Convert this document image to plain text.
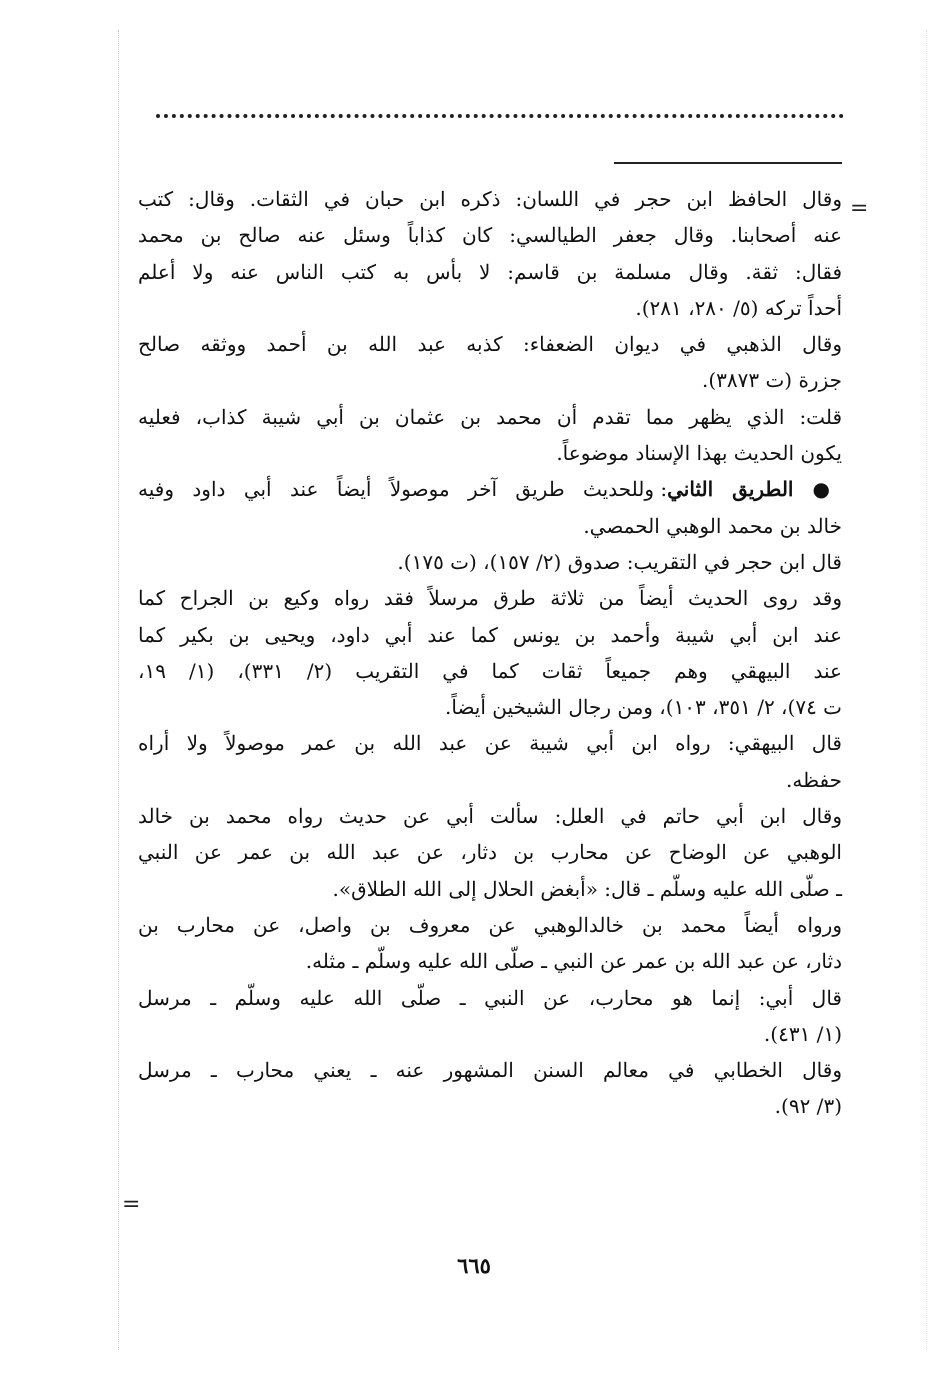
=
وقال الحافظ ابن حجر في اللسان: ذكره ابن حبان في الثقات. وقال: كتب
عنه أصحابنا. وقال جعفر الطيالسي: كان كذاباً وسئل عنه صالح بن محمد
فقال: ثقة. وقال مسلمة بن قاسم: لا بأس به كتب الناس عنه ولا أعلم
أحداً تركه (٥/ ٢٨٠، ٢٨١).
وقال الذهبي في ديوان الضعفاء: كذبه عبد الله بن أحمد ووثقه صالح
جزرة (ت ٣٨٧٣).
قلت: الذي يظهر مما تقدم أن محمد بن عثمان بن أبي شيبة كذاب، فعليه
يكون الحديث بهذا الإسناد موضوعاً.
● الطريق الثاني: وللحديث طريق آخر موصولاً أيضاً عند أبي داود وفيه
خالد بن محمد الوهبي الحمصي.
قال ابن حجر في التقريب: صدوق (٢/ ١٥٧)، (ت ١٧٥).
وقد روى الحديث أيضاً من ثلاثة طرق مرسلاً فقد رواه وكيع بن الجراح كما
عند ابن أبي شيبة وأحمد بن يونس كما عند أبي داود، ويحيى بن بكير كما
عند البيهقي وهم جميعاً ثقات كما في التقريب (٢/ ٣٣١)، (١/ ١٩،
ت ٧٤)، ٢/ ٣٥١، ١٠٣)، ومن رجال الشيخين أيضاً.
قال البيهقي: رواه ابن أبي شيبة عن عبد الله بن عمر موصولاً ولا أراه
حفظه.
وقال ابن أبي حاتم في العلل: سألت أبي عن حديث رواه محمد بن خالد
الوهبي عن الوضاح عن محارب بن دثار، عن عبد الله بن عمر عن النبي
ـ صلّى الله عليه وسلّم ـ قال: «أبغض الحلال إلى الله الطلاق».
ورواه أيضاً محمد بن خالدالوهبي عن معروف بن واصل، عن محارب بن
دثار، عن عبد الله بن عمر عن النبي ـ صلّى الله عليه وسلّم ـ مثله.
قال أبي: إنما هو محارب، عن النبي ـ صلّى الله عليه وسلّم ـ مرسل
(١/ ٤٣١).
وقال الخطابي في معالم السنن المشهور عنه ـ يعني محارب ـ مرسل
(٣/ ٩٢).
=
٦٦٥
